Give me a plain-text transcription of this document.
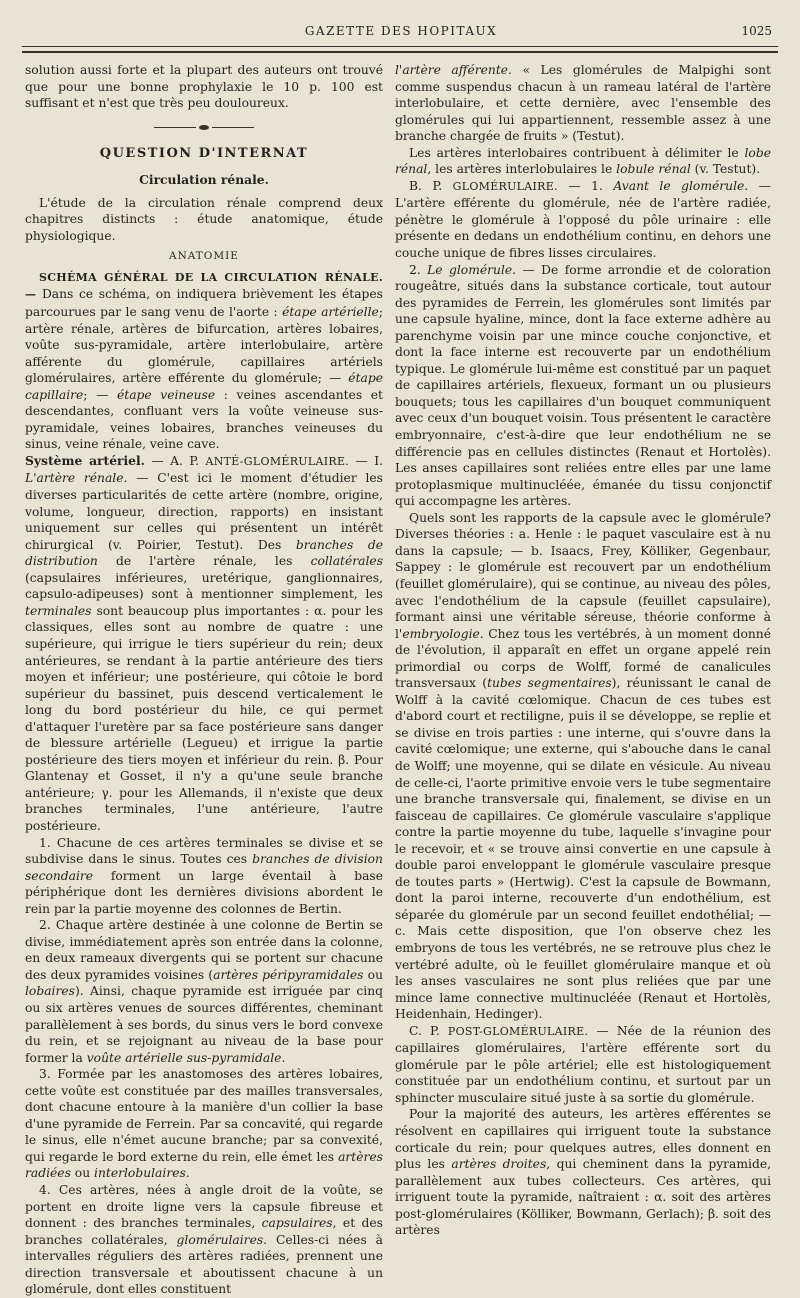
GAZETTE DES HOPITAUX	1025

solution aussi forte et la plupart des auteurs ont trouvé que pour une bonne prophylaxie le 10 p. 100 est suffisant et n'est que très peu douloureux.

QUESTION D'INTERNAT
Circulation rénale.

L'étude de la circulation rénale comprend deux chapitres distincts : étude anatomique, étude physiologique.

ANATOMIE

SCHÉMA GÉNÉRAL DE LA CIRCULATION RÉNALE. — Dans ce schéma, on indiquera brièvement les étapes parcourues par le sang venu de l'aorte : étape artérielle; artère rénale, artères de bifurcation, artères lobaires, voûte sus-pyramidale, artère interlobulaire, artère afférente du glomérule, capillaires artériels glomérulaires, artère efférente du glomérule; — étape capillaire; — étape veineuse : veines ascendantes et descendantes, confluant vers la voûte veineuse sus-pyramidale, veines lobaires, branches veineuses du sinus, veine rénale, veine cave.

Système artériel. — A. P. ANTÉ-GLOMÉRULAIRE. — I. L'artère rénale. — C'est ici le moment d'étudier les diverses particularités de cette artère (nombre, origine, volume, longueur, direction, rapports) en insistant uniquement sur celles qui présentent un intérêt chirurgical (v. Poirier, Testut). Des branches de distribution de l'artère rénale, les collatérales (capsulaires inférieures, uretérique, ganglionnaires, capsulo-adipeuses) sont à mentionner simplement, les terminales sont beaucoup plus importantes : α. pour les classiques, elles sont au nombre de quatre : une supérieure, qui irrigue le tiers supérieur du rein; deux antérieures, se rendant à la partie antérieure des tiers moyen et inférieur; une postérieure, qui côtoie le bord supérieur du bassinet, puis descend verticalement le long du bord postérieur du hile, ce qui permet d'attaquer l'uretère par sa face postérieure sans danger de blessure artérielle (Legueu) et irrigue la partie postérieure des tiers moyen et inférieur du rein. β. Pour Glantenay et Gosset, il n'y a qu'une seule branche antérieure; γ. pour les Allemands, il n'existe que deux branches terminales, l'une antérieure, l'autre postérieure.

1. Chacune de ces artères terminales se divise et se subdivise dans le sinus. Toutes ces branches de division secondaire forment un large éventail à base périphérique dont les dernières divisions abordent le rein par la partie moyenne des colonnes de Bertin.

2. Chaque artère destinée à une colonne de Bertin se divise, immédiatement après son entrée dans la colonne, en deux rameaux divergents qui se portent sur chacune des deux pyramides voisines (artères péripyramidales ou lobaires). Ainsi, chaque pyramide est irriguée par cinq ou six artères venues de sources différentes, cheminant parallèlement à ses bords, du sinus vers le bord convexe du rein, et se rejoignant au niveau de la base pour former la voûte artérielle sus-pyramidale.

3. Formée par les anastomoses des artères lobaires, cette voûte est constituée par des mailles transversales, dont chacune entoure à la manière d'un collier la base d'une pyramide de Ferrein. Par sa concavité, qui regarde le sinus, elle n'émet aucune branche; par sa convexité, qui regarde le bord externe du rein, elle émet les artères radiées ou interlobulaires.

4. Ces artères, nées à angle droit de la voûte, se portent en droite ligne vers la capsule fibreuse et donnent : des branches terminales, capsulaires, et des branches collatérales, glomérulaires. Celles-ci nées à intervalles réguliers des artères radiées, prennent une direction transversale et aboutissent chacune à un glomérule, dont elles constituent

l'artère afférente. « Les glomérules de Malpighi sont comme suspendus chacun à un rameau latéral de l'artère interlobulaire, et cette dernière, avec l'ensemble des glomérules qui lui appartiennent, ressemble assez à une branche chargée de fruits » (Testut).

Les artères interlobaires contribuent à délimiter le lobe rénal, les artères interlobulaires le lobule rénal (v. Testut).

B. P. GLOMÉRULAIRE. — 1. Avant le glomérule. — L'artère efférente du glomérule, née de l'artère radiée, pénètre le glomérule à l'opposé du pôle urinaire : elle présente en dedans un endothélium continu, en dehors une couche unique de fibres lisses circulaires.

2. Le glomérule. — De forme arrondie et de coloration rougeâtre, situés dans la substance corticale, tout autour des pyramides de Ferrein, les glomérules sont limités par une capsule hyaline, mince, dont la face externe adhère au parenchyme voisin par une mince couche conjonctive, et dont la face interne est recouverte par un endothélium typique. Le glomérule lui-même est constitué par un paquet de capillaires artériels, flexueux, formant un ou plusieurs bouquets; tous les capillaires d'un bouquet communiquent avec ceux d'un bouquet voisin. Tous présentent le caractère embryonnaire, c'est-à-dire que leur endothélium ne se différencie pas en cellules distinctes (Renaut et Hortolès). Les anses capillaires sont reliées entre elles par une lame protoplasmique multinucléée, émanée du tissu conjonctif qui accompagne les artères.

Quels sont les rapports de la capsule avec le glomérule? Diverses théories : a. Henle : le paquet vasculaire est à nu dans la capsule; — b. Isaacs, Frey, Kölliker, Gegenbaur, Sappey : le glomérule est recouvert par un endothélium (feuillet glomérulaire), qui se continue, au niveau des pôles, avec l'endothélium de la capsule (feuillet capsulaire), formant ainsi une véritable séreuse, théorie conforme à l'embryologie. Chez tous les vertébrés, à un moment donné de l'évolution, il apparaît en effet un organe appelé rein primordial ou corps de Wolff, formé de canalicules transversaux (tubes segmentaires), réunissant le canal de Wolff à la cavité cœlomique. Chacun de ces tubes est d'abord court et rectiligne, puis il se développe, se replie et se divise en trois parties : une interne, qui s'ouvre dans la cavité cœlomique; une externe, qui s'abouche dans le canal de Wolff; une moyenne, qui se dilate en vésicule. Au niveau de celle-ci, l'aorte primitive envoie vers le tube segmentaire une branche transversale qui, finalement, se divise en un faisceau de capillaires. Ce glomérule vasculaire s'applique contre la partie moyenne du tube, laquelle s'invagine pour le recevoir, et « se trouve ainsi convertie en une capsule à double paroi enveloppant le glomérule vasculaire presque de toutes parts » (Hertwig). C'est la capsule de Bowmann, dont la paroi interne, recouverte d'un endothélium, est séparée du glomérule par un second feuillet endothélial; — c. Mais cette disposition, que l'on observe chez les embryons de tous les vertébrés, ne se retrouve plus chez le vertébré adulte, où le feuillet glomérulaire manque et où les anses vasculaires ne sont plus reliées que par une mince lame connective multinucléée (Renaut et Hortolès, Heidenhain, Hedinger).

C. P. POST-GLOMÉRULAIRE. — Née de la réunion des capillaires glomérulaires, l'artère efférente sort du glomérule par le pôle artériel; elle est histologiquement constituée par un endothélium continu, et surtout par un sphincter musculaire situé juste à sa sortie du glomérule.

Pour la majorité des auteurs, les artères efférentes se résolvent en capillaires qui irriguent toute la substance corticale du rein; pour quelques autres, elles donnent en plus les artères droites, qui cheminent dans la pyramide, parallèlement aux tubes collecteurs. Ces artères, qui irriguent toute la pyramide, naîtraient : α. soit des artères post-glomérulaires (Kölliker, Bowmann, Gerlach); β. soit des artères
